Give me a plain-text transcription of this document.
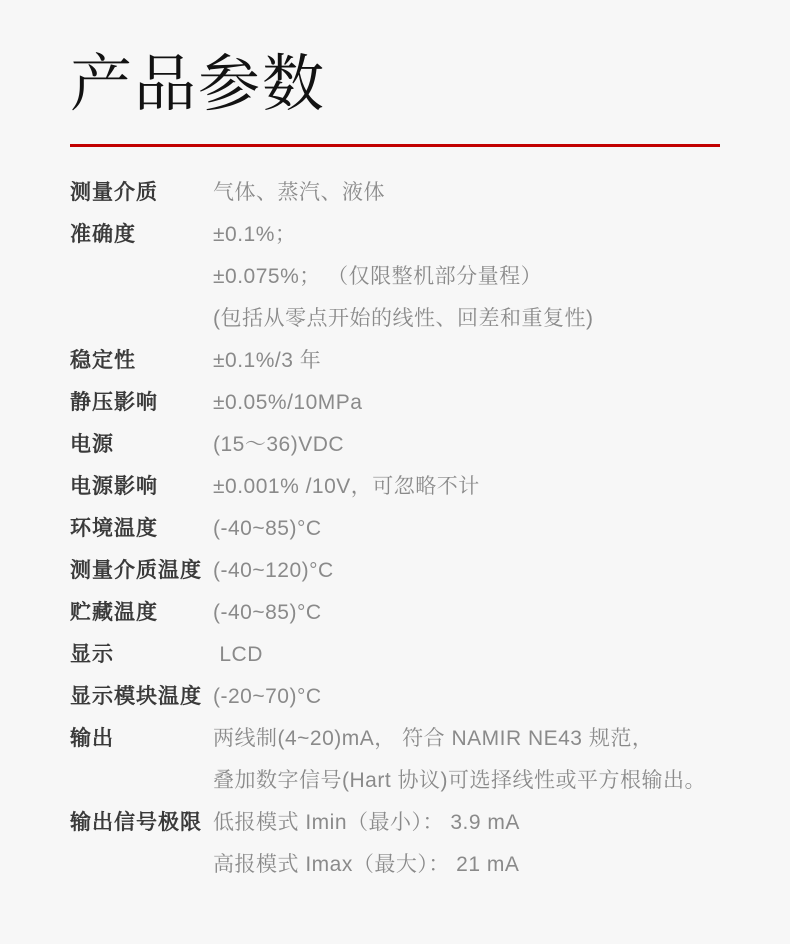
产品参数
测量介质	气体、蒸汽、液体
准确度	±0.1%；
±0.075%； （仅限整机部分量程）
(包括从零点开始的线性、回差和重复性)
稳定性	±0.1%/3 年
静压影响	±0.05%/10MPa
电源	(15～36)VDC
电源影响	±0.001% /10V，可忽略不计
环境温度	(-40~85)°C
测量介质温度 (-40~120)°C
贮藏温度	(-40~85)°C
显示	LCD
显示模块温度 (-20~70)°C
输出	两线制(4~20)mA， 符合 NAMIR NE43 规范，
叠加数字信号(Hart 协议)可选择线性或平方根输出。
输出信号极限 低报模式 Imin（最小）： 3.9 mA
高报模式 Imax（最大）： 21 mA
